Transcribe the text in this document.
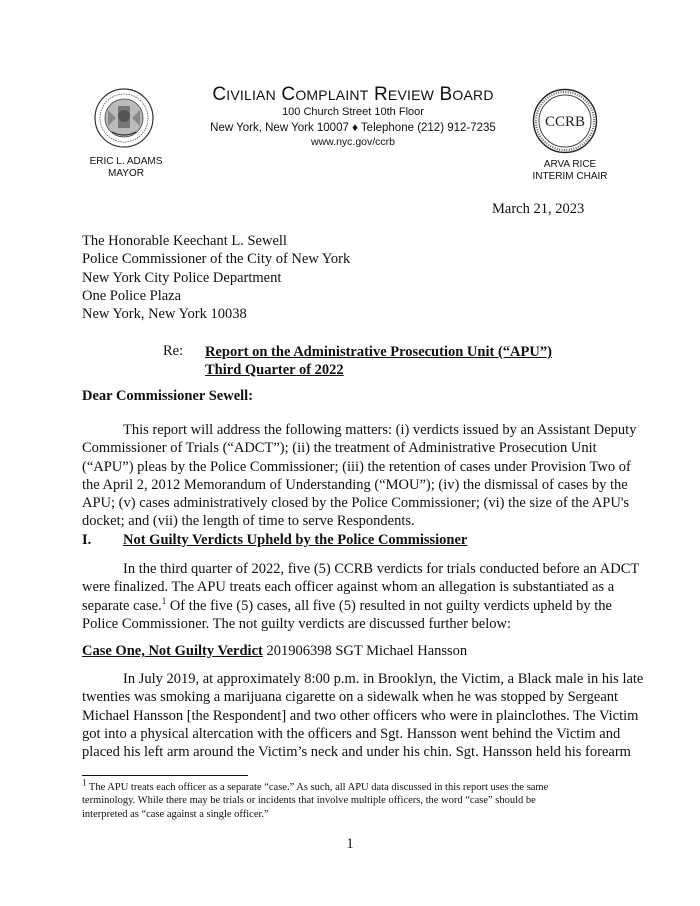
CIVILIAN COMPLAINT REVIEW BOARD
100 Church Street 10th Floor
New York, New York 10007 ♦ Telephone (212) 912-7235
www.nyc.gov/ccrb
CCRB
ERIC L. ADAMS
MAYOR
ARVA RICE
INTERIM CHAIR
March 21, 2023
The Honorable Keechant L. Sewell
Police Commissioner of the City of New York
New York City Police Department
One Police Plaza
New York, New York 10038
Re: Report on the Administrative Prosecution Unit (“APU”)
Third Quarter of 2022
Dear Commissioner Sewell:
This report will address the following matters: (i) verdicts issued by an Assistant Deputy
Commissioner of Trials (“ADCT”); (ii) the treatment of Administrative Prosecution Unit
(“APU”) pleas by the Police Commissioner; (iii) the retention of cases under Provision Two of
the April 2, 2012 Memorandum of Understanding (“MOU”); (iv) the dismissal of cases by the
APU; (v) cases administratively closed by the Police Commissioner; (vi) the size of the APU's
docket; and (vii) the length of time to serve Respondents.
I. Not Guilty Verdicts Upheld by the Police Commissioner
In the third quarter of 2022, five (5) CCRB verdicts for trials conducted before an ADCT
were finalized. The APU treats each officer against whom an allegation is substantiated as a
separate case.$^1$ Of the five (5) cases, all five (5) resulted in not guilty verdicts upheld by the
Police Commissioner. The not guilty verdicts are discussed further below:
Case One, Not Guilty Verdict 201906398 SGT Michael Hansson
In July 2019, at approximately 8:00 p.m. in Brooklyn, the Victim, a Black male in his late
twenties was smoking a marijuana cigarette on a sidewalk when he was stopped by Sergeant
Michael Hansson [the Respondent] and two other officers who were in plainclothes. The Victim
got into a physical altercation with the officers and Sgt. Hansson went behind the Victim and
placed his left arm around the Victim’s neck and under his chin. Sgt. Hansson held his forearm
$^1$ The APU treats each officer as a separate “case.” As such, all APU data discussed in this report uses the same
terminology. While there may be trials or incidents that involve multiple officers, the word “case” should be
interpreted as “case against a single officer.”
1
